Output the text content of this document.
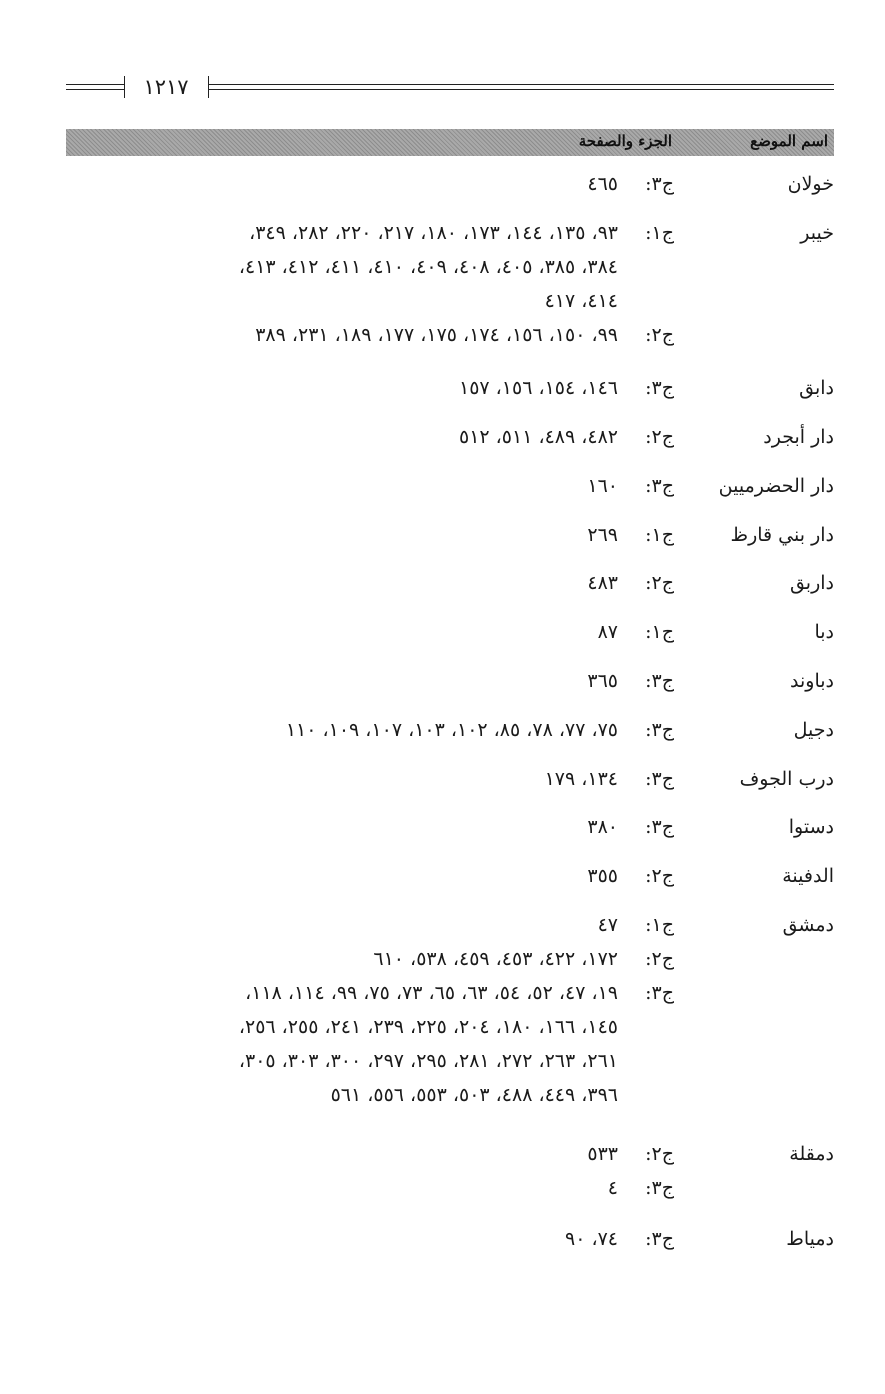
١٢١٧
اسم الموضع
الجزء والصفحة
خولان
ج٣:٤٦٥
خيبر
ج١:٩٣، ١٣٥، ١٤٤، ١٧٣، ١٨٠، ٢١٧، ٢٢٠، ٢٨٢، ٣٤٩،
٣٨٤، ٣٨٥، ٤٠٥، ٤٠٨، ٤٠٩، ٤١٠، ٤١١، ٤١٢، ٤١٣،
٤١٤، ٤١٧
ج٢:٩٩، ١٥٠، ١٥٦، ١٧٤، ١٧٥، ١٧٧، ١٨٩، ٢٣١، ٣٨٩
دابق
ج٣:١٤٦، ١٥٤، ١٥٦، ١٥٧
دار أبجرد
ج٢:٤٨٢، ٤٨٩، ٥١١، ٥١٢
دار الحضرميين
ج٣:١٦٠
دار بني قارظ
ج١:٢٦٩
داربق
ج٢:٤٨٣
دبا
ج١:٨٧
دباوند
ج٣:٣٦٥
دجيل
ج٣:٧٥، ٧٧، ٧٨، ٨٥، ١٠٢، ١٠٣، ١٠٧، ١٠٩، ١١٠
درب الجوف
ج٣:١٣٤، ١٧٩
دستوا
ج٣:٣٨٠
الدفينة
ج٢:٣٥٥
دمشق
ج١:٤٧
ج٢:١٧٢، ٤٢٢، ٤٥٣، ٤٥٩، ٥٣٨، ٦١٠
ج٣:١٩، ٤٧، ٥٢، ٥٤، ٦٣، ٦٥، ٧٣، ٧٥، ٩٩، ١١٤، ١١٨،
١٤٥، ١٦٦، ١٨٠، ٢٠٤، ٢٢٥، ٢٣٩، ٢٤١، ٢٥٥، ٢٥٦،
٢٦١، ٢٦٣، ٢٧٢، ٢٨١، ٢٩٥، ٢٩٧، ٣٠٠، ٣٠٣، ٣٠٥،
٣٩٦، ٤٤٩، ٤٨٨، ٥٠٣، ٥٥٣، ٥٥٦، ٥٦١
دمقلة
ج٢:٥٣٣
ج٣:٤
دمياط
ج٣:٧٤، ٩٠
